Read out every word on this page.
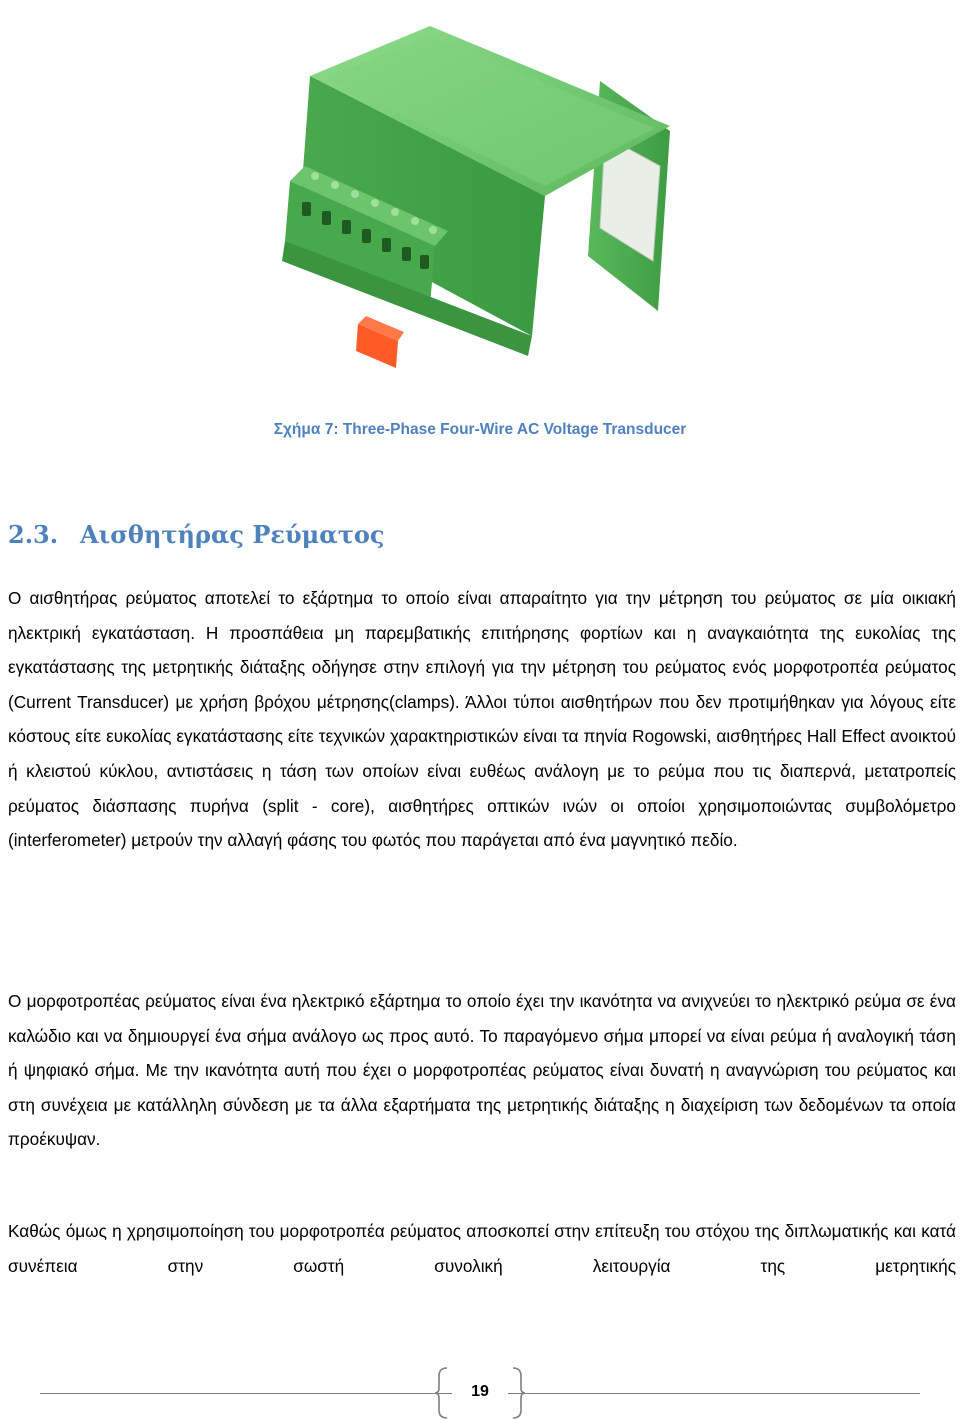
Σχήμα 7: Three-Phase Four-Wire AC Voltage Transducer
2.3. Αισθητήρας Ρεύματος

Ο αισθητήρας ρεύματος αποτελεί το εξάρτημα το οποίο είναι απαραίτητο για την μέτρηση του ρεύματος σε μία οικιακή ηλεκτρική εγκατάσταση. Η προσπάθεια μη παρεμβατικής επιτήρησης φορτίων και η αναγκαιότητα της ευκολίας της εγκατάστασης της μετρητικής διάταξης οδήγησε στην επιλογή για την μέτρηση του ρεύματος ενός μορφοτροπέα ρεύματος (Current Transducer) με χρήση βρόχου μέτρησης(clamps). Άλλοι τύποι αισθητήρων που δεν προτιμήθηκαν για λόγους είτε κόστους είτε ευκολίας εγκατάστασης είτε τεχνικών χαρακτηριστικών είναι τα πηνία Rogowski, αισθητήρες Hall Effect ανοικτού ή κλειστού κύκλου, αντιστάσεις η τάση των οποίων είναι ευθέως ανάλογη με το ρεύμα που τις διαπερνά, μετατροπείς ρεύματος διάσπασης πυρήνα (split - core), αισθητήρες οπτικών ινών οι οποίοι χρησιμοποιώντας συμβολόμετρο (interferometer) μετρούν την αλλαγή φάσης του φωτός που παράγεται από ένα μαγνητικό πεδίο.

Ο μορφοτροπέας ρεύματος είναι ένα ηλεκτρικό εξάρτημα το οποίο έχει την ικανότητα να ανιχνεύει το ηλεκτρικό ρεύμα σε ένα καλώδιο και να δημιουργεί ένα σήμα ανάλογο ως προς αυτό. Το παραγόμενο σήμα μπορεί να είναι ρεύμα ή αναλογική τάση ή ψηφιακό σήμα. Με την ικανότητα αυτή που έχει ο μορφοτροπέας ρεύματος είναι δυνατή η αναγνώριση του ρεύματος και στη συνέχεια με κατάλληλη σύνδεση με τα άλλα εξαρτήματα της μετρητικής διάταξης η διαχείριση των δεδομένων τα οποία προέκυψαν.

Καθώς όμως η χρησιμοποίηση του μορφοτροπέα ρεύματος αποσκοπεί στην επίτευξη του στόχου της διπλωματικής και κατά συνέπεια στην σωστή συνολική λειτουργία της μετρητικής

19
